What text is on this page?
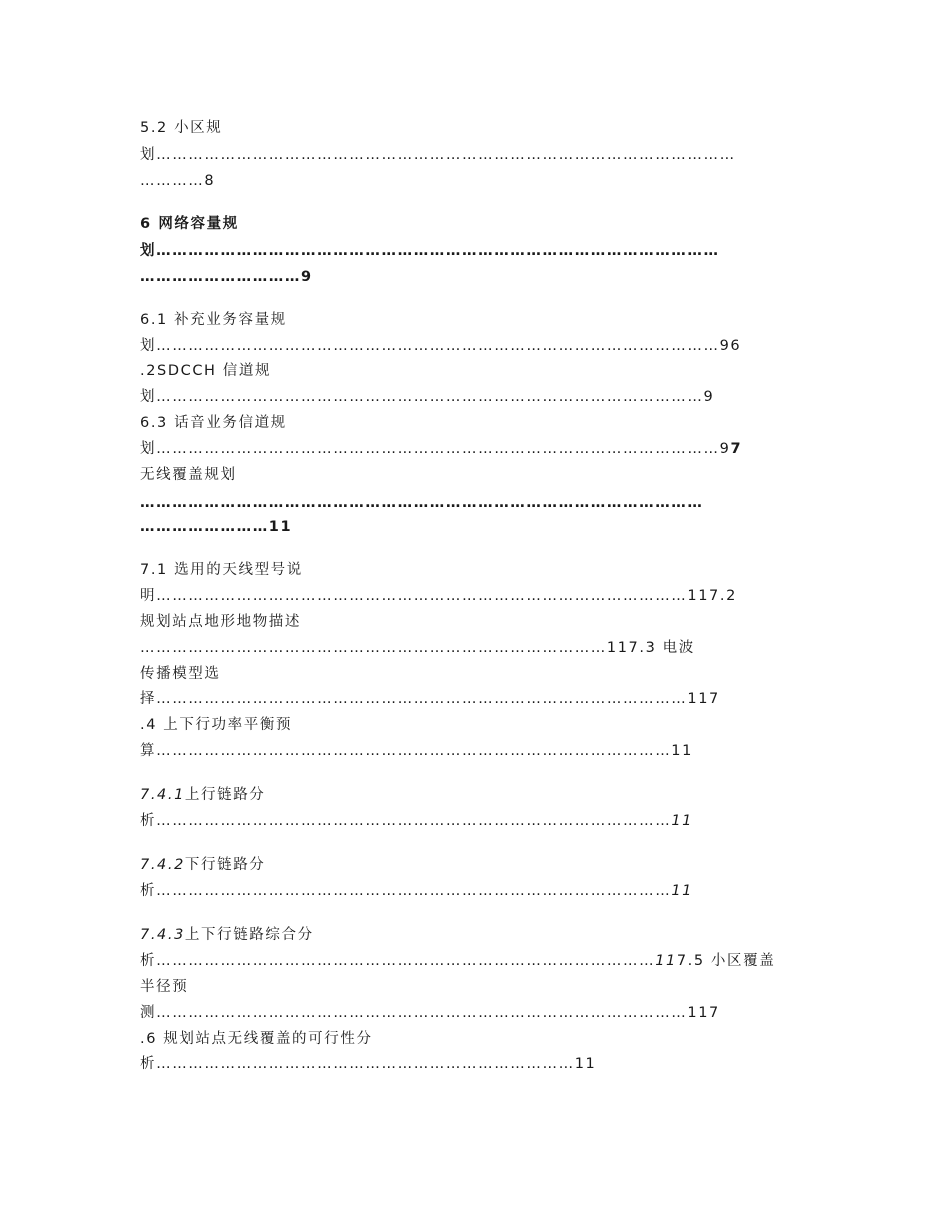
5.2 小区规
划………………………………………………………………………………………………
…………8
6 网络容量规
划……………………………………………………………………………………………
…………………………9
6.1 补充业务容量规
划……………………………………………………………………………………………96
.2SDCCH 信道规
划…………………………………………………………………………………………9
6.3 话音业务信道规
划……………………………………………………………………………………………97
无线覆盖规划
……………………………………………………………………………………………
……………………11
7.1 选用的天线型号说
明………………………………………………………………………………………117.2
规划站点地形地物描述
……………………………………………………………………………117.3 电波
传播模型选
择………………………………………………………………………………………117
.4 上下行功率平衡预
算……………………………………………………………………………………11
7.4.1上行链路分
析……………………………………………………………………………………11
7.4.2下行链路分
析……………………………………………………………………………………11
7.4.3上下行链路综合分
析…………………………………………………………………………………117.5 小区覆盖
半径预
测………………………………………………………………………………………117
.6 规划站点无线覆盖的可行性分
析……………………………………………………………………11
